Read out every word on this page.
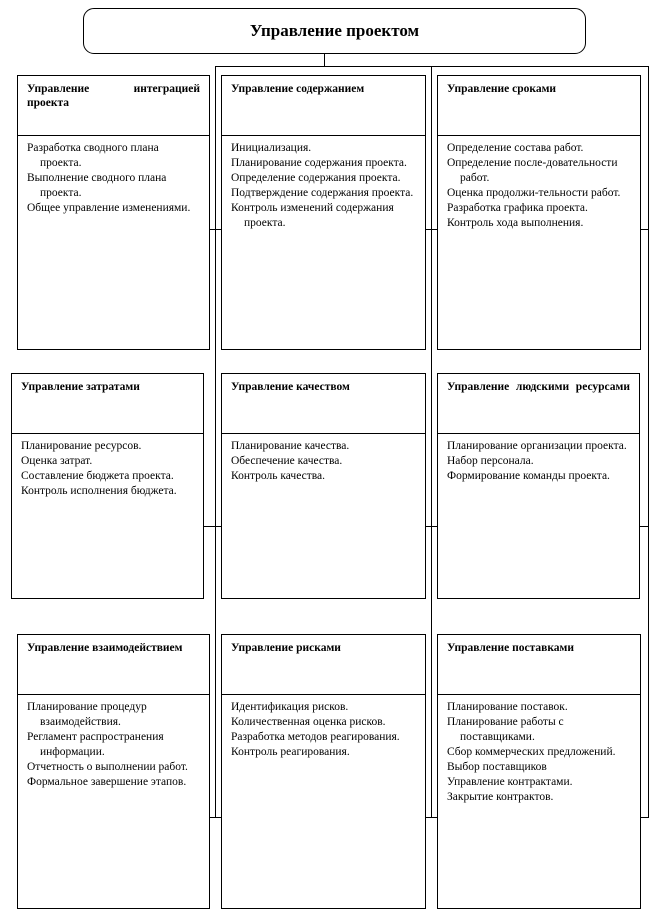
Управление проектом
Управление интеграцией проекта
Разработка сводного плана проекта.
Выполнение сводного плана проекта.
Общее управление изменениями.
Управление содержанием
Инициализация.
Планирование содержания проекта.
Определение содержания проекта.
Подтверждение содержания проекта.
Контроль изменений содержания проекта.
Управление сроками
Определение состава работ.
Определение после-довательности работ.
Оценка продолжи-тельности работ.
Разработка графика проекта.
Контроль хода выполнения.
Управление затратами
Планирование ресурсов.
Оценка затрат.
Составление бюджета проекта.
Контроль исполнения бюджета.
Управление качеством
Планирование качества.
Обеспечение качества.
Контроль качества.
Управление людскими ресурсами
Планирование организации проекта.
Набор персонала.
Формирование команды проекта.
Управление взаимодействием
Планирование процедур взаимодействия.
Регламент распространения информации.
Отчетность о выполнении работ.
Формальное завершение этапов.
Управление рисками
Идентификация рисков.
Количественная оценка рисков.
Разработка методов реагирования.
Контроль реагирования.
Управление поставками
Планирование поставок.
Планирование работы с поставщиками.
Сбор коммерческих предложений.
Выбор поставщиков
Управление контрактами.
Закрытие контрактов.
